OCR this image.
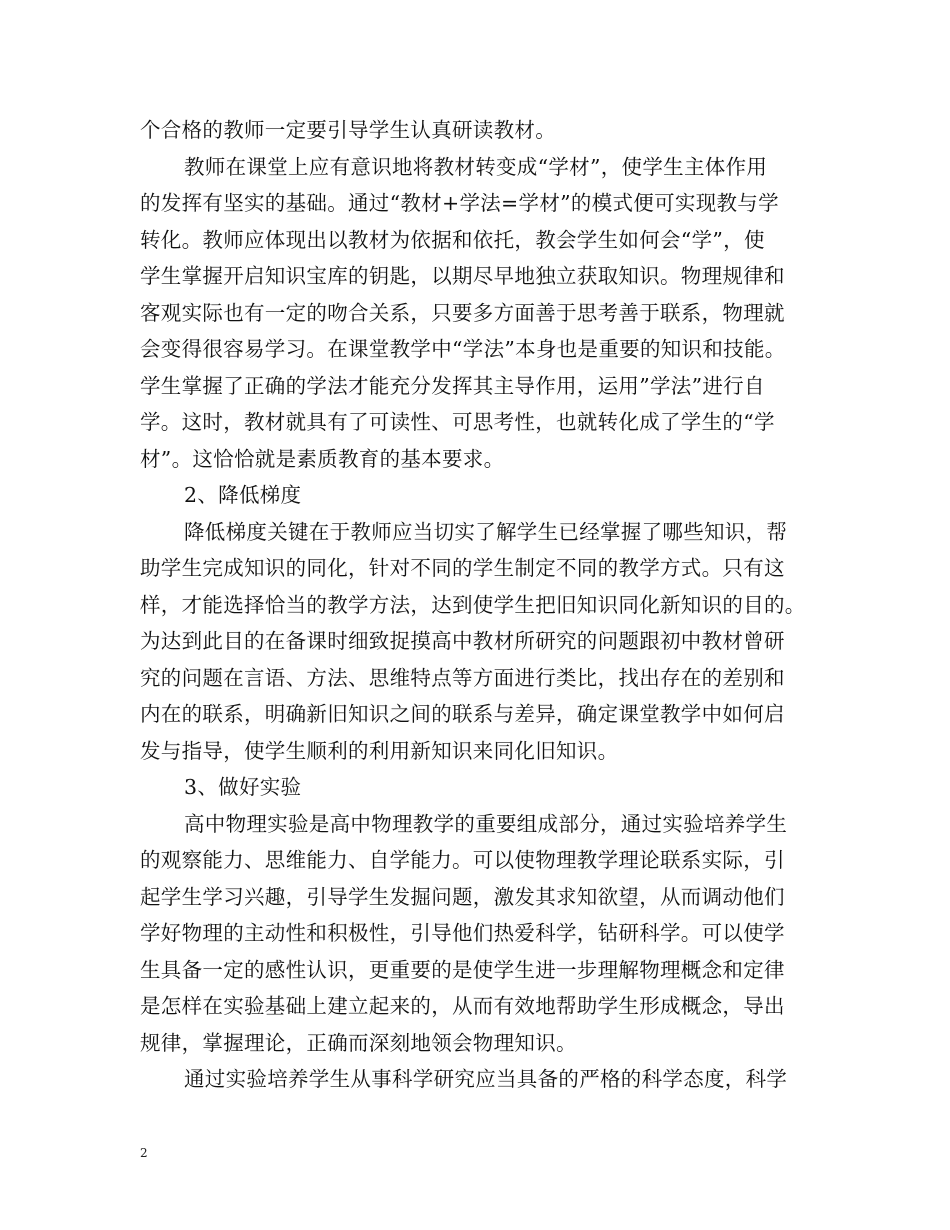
个合格的教师一定要引导学生认真研读教材。
教师在课堂上应有意识地将教材转变成“学材”，使学生主体作用
的发挥有坚实的基础。通过“教材+学法=学材”的模式便可实现教与学
转化。教师应体现出以教材为依据和依托，教会学生如何会“学”，使
学生掌握开启知识宝库的钥匙，以期尽早地独立获取知识。物理规律和
客观实际也有一定的吻合关系，只要多方面善于思考善于联系，物理就
会变得很容易学习。在课堂教学中“学法”本身也是重要的知识和技能。
学生掌握了正确的学法才能充分发挥其主导作用，运用”学法”进行自
学。这时，教材就具有了可读性、可思考性，也就转化成了学生的“学
材”。这恰恰就是素质教育的基本要求。
2、降低梯度
降低梯度关键在于教师应当切实了解学生已经掌握了哪些知识，帮
助学生完成知识的同化，针对不同的学生制定不同的教学方式。只有这
样，才能选择恰当的教学方法，达到使学生把旧知识同化新知识的目的。
为达到此目的在备课时细致捉摸高中教材所研究的问题跟初中教材曾研
究的问题在言语、方法、思维特点等方面进行类比，找出存在的差别和
内在的联系，明确新旧知识之间的联系与差异，确定课堂教学中如何启
发与指导，使学生顺利的利用新知识来同化旧知识。
3、做好实验
高中物理实验是高中物理教学的重要组成部分，通过实验培养学生
的观察能力、思维能力、自学能力。可以使物理教学理论联系实际，引
起学生学习兴趣，引导学生发掘问题，激发其求知欲望，从而调动他们
学好物理的主动性和积极性，引导他们热爱科学，钻研科学。可以使学
生具备一定的感性认识，更重要的是使学生进一步理解物理概念和定律
是怎样在实验基础上建立起来的，从而有效地帮助学生形成概念，导出
规律，掌握理论，正确而深刻地领会物理知识。
通过实验培养学生从事科学研究应当具备的严格的科学态度，科学
2
